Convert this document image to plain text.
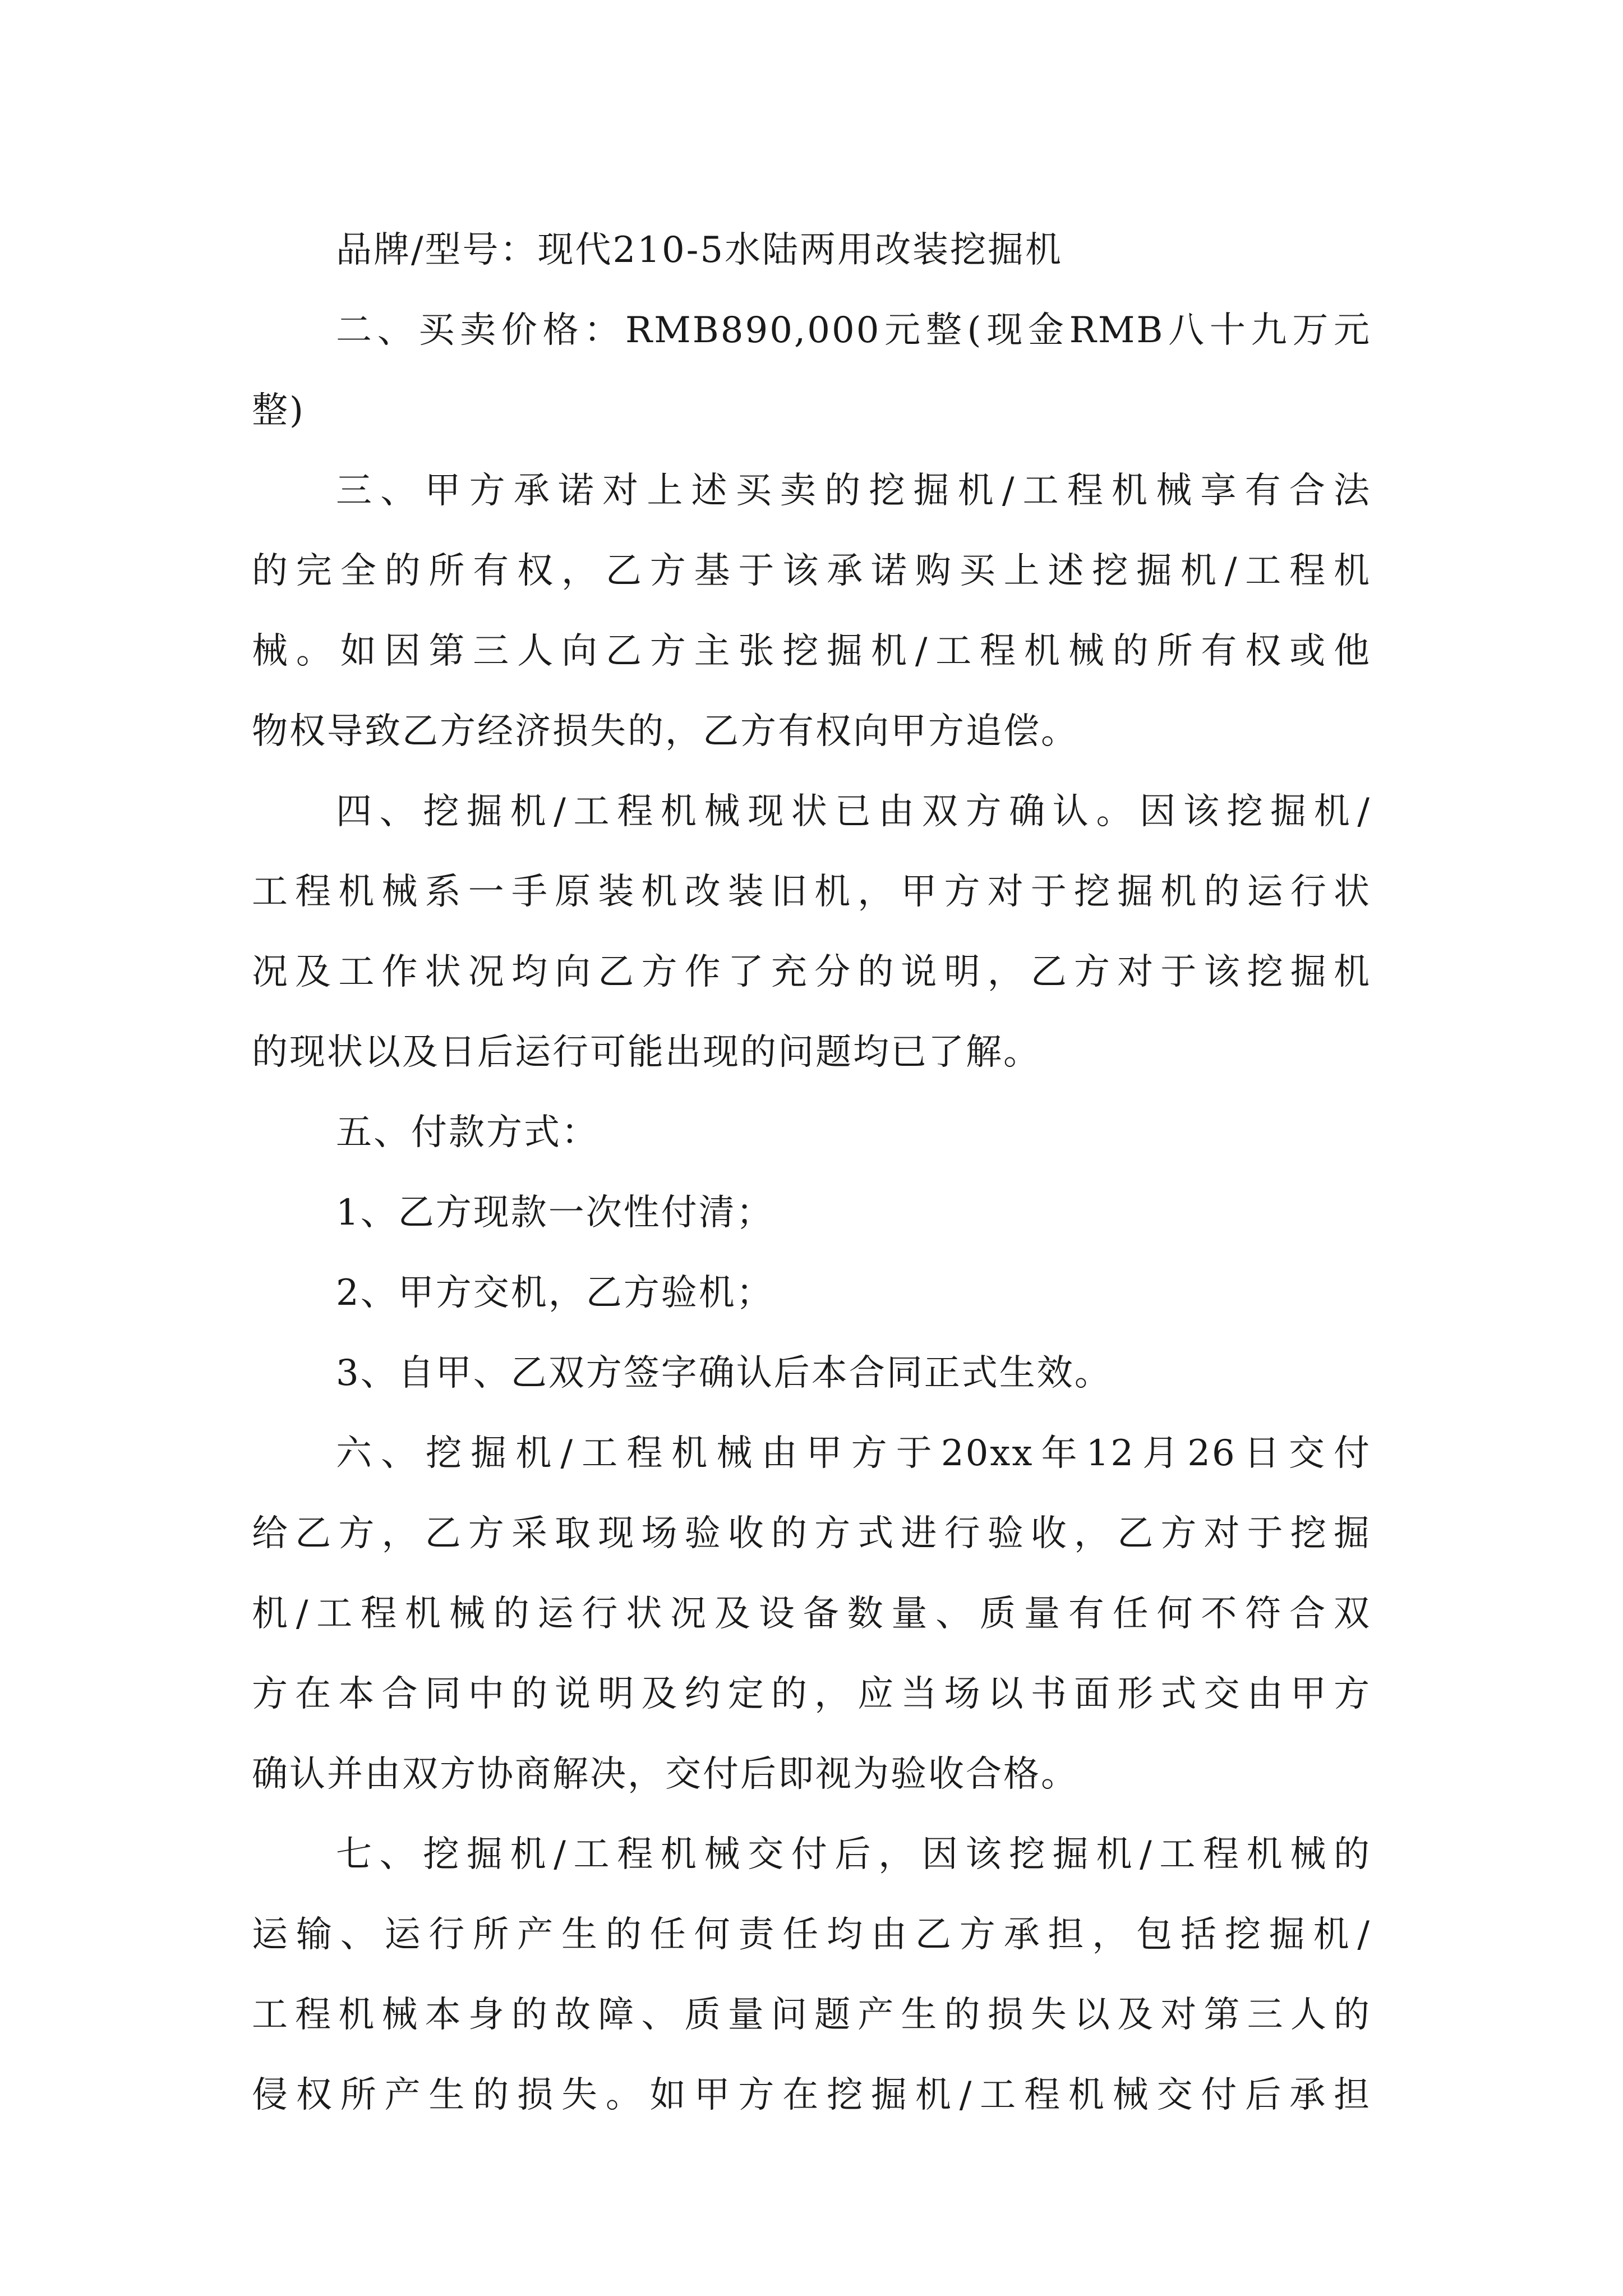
品牌/型号：现代210-5水陆两用改装挖掘机
二、买卖价格：RMB890,000元整(现金RMB八十九万元
整)
三、甲方承诺对上述买卖的挖掘机/工程机械享有合法
的完全的所有权，乙方基于该承诺购买上述挖掘机/工程机
械。如因第三人向乙方主张挖掘机/工程机械的所有权或他
物权导致乙方经济损失的，乙方有权向甲方追偿。
四、挖掘机/工程机械现状已由双方确认。因该挖掘机/
工程机械系一手原装机改装旧机，甲方对于挖掘机的运行状
况及工作状况均向乙方作了充分的说明，乙方对于该挖掘机
的现状以及日后运行可能出现的问题均已了解。
五、付款方式：
1、乙方现款一次性付清；
2、甲方交机，乙方验机；
3、自甲、乙双方签字确认后本合同正式生效。
六、挖掘机/工程机械由甲方于20xx年12月26日交付
给乙方，乙方采取现场验收的方式进行验收，乙方对于挖掘
机/工程机械的运行状况及设备数量、质量有任何不符合双
方在本合同中的说明及约定的，应当场以书面形式交由甲方
确认并由双方协商解决，交付后即视为验收合格。
七、挖掘机/工程机械交付后，因该挖掘机/工程机械的
运输、运行所产生的任何责任均由乙方承担，包括挖掘机/
工程机械本身的故障、质量问题产生的损失以及对第三人的
侵权所产生的损失。如甲方在挖掘机/工程机械交付后承担
